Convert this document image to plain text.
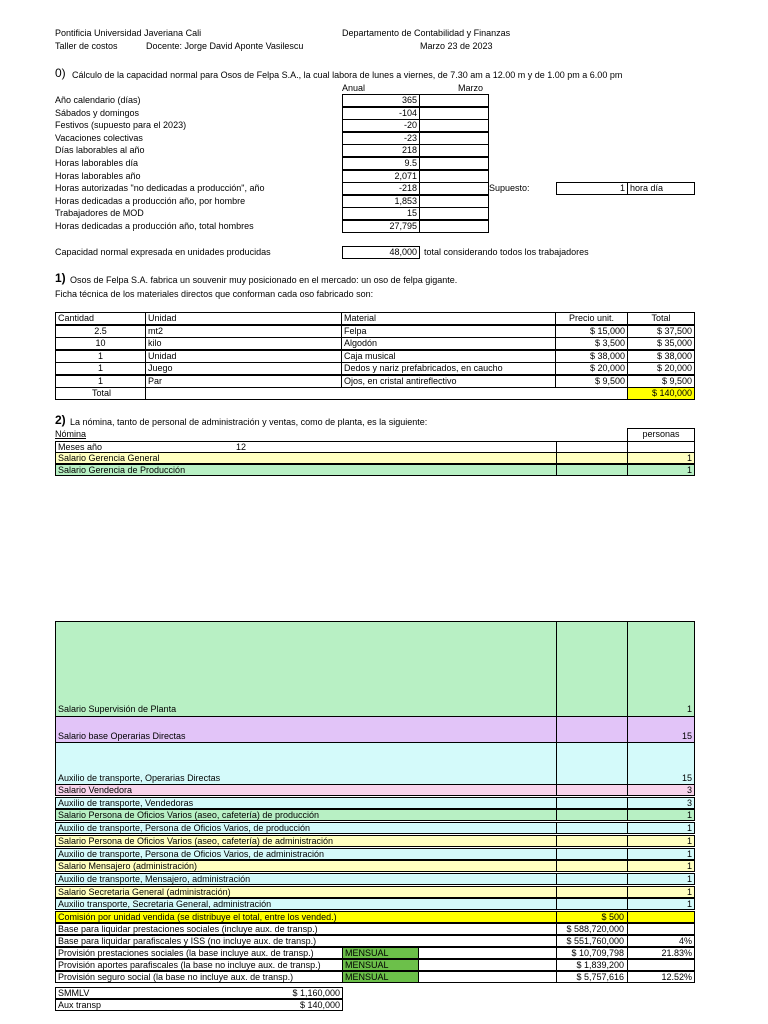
Pontificia Universidad Javeriana Cali	Departamento de Contabilidad y Finanzas
Taller de costos	Docente: Jorge David Aponte Vasilescu	Marzo 23 de 2023
0) Cálculo de la capacidad normal para Osos de Felpa S.A., la cual labora de lunes a viernes, de 7.30 am a 12.00 m y de 1.00 pm a 6.00 pm
Anual	Marzo
Año calendario (días)	365
Sábados y domingos	-104
Festivos (supuesto para el 2023)	-20
Vacaciones colectivas	-23
Días laborables al año	218
Horas laborables día	9.5
Horas laborables año	2,071
Horas autorizadas "no dedicadas a producción", año	-218
Horas dedicadas a producción año, por hombre	1,853
Trabajadores de MOD	15
Horas dedicadas a producción año, total hombres	27,795
Supuesto:	1 hora día
Capacidad normal expresada en unidades producidas	48,000 total considerando todos los trabajadores
1) Osos de Felpa S.A. fabrica un souvenir muy posicionado en el mercado: un oso de felpa gigante.
Ficha técnica de los materiales directos que conforman cada oso fabricado son:
Cantidad	Unidad	Material	Precio unit.	Total
2.5	mt2	Felpa	$ 15,000	$ 37,500
10	kilo	Algodón	$ 3,500	$ 35,000
1	Unidad	Caja musical	$ 38,000	$ 38,000
1	Juego	Dedos y nariz prefabricados, en caucho	$ 20,000	$ 20,000
1	Par	Ojos, en cristal antireflectivo	$ 9,500	$ 9,500
Total	$ 140,000
2) La nómina, tanto de personal de administración y ventas, como de planta, es la siguiente:
Nómina	personas
Meses año	12
Salario Gerencia General	1
Salario Gerencia de Producción	1
Salario Supervisión de Planta	1
Salario base Operarias Directas	15
Auxilio de transporte, Operarias Directas	15
Salario Vendedora	3
Auxilio de transporte, Vendedoras	3
Salario Persona de Oficios Varios (aseo, cafetería) de producción	1
Auxilio de transporte, Persona de Oficios Varios, de producción	1
Salario Persona de Oficios Varios (aseo, cafetería) de administración	1
Auxilio de transporte, Persona de Oficios Varios, de administración	1
Salario Mensajero (administración)	1
Auxilio de transporte, Mensajero, administración	1
Salario Secretaria General (administración)	1
Auxilio transporte, Secretaria General, administración	1
Comisión por unidad vendida (se distribuye el total, entre los vended.)	$ 500
Base para liquidar prestaciones sociales (incluye aux. de transp.)	$ 588,720,000
Base para liquidar parafiscales y ISS (no incluye aux. de transp.)	$ 551,760,000	4%
Provisión prestaciones sociales (la base incluye aux. de transp.)	MENSUAL	$ 10,709,798	21.83%
Provisión aportes parafiscales (la base no incluye aux. de transp.)	MENSUAL	$ 1,839,200
Provisión seguro social (la base no incluye aux. de transp.)	MENSUAL	$ 5,757,616	12.52%
SMMLV	$ 1,160,000
Aux transp	$ 140,000
